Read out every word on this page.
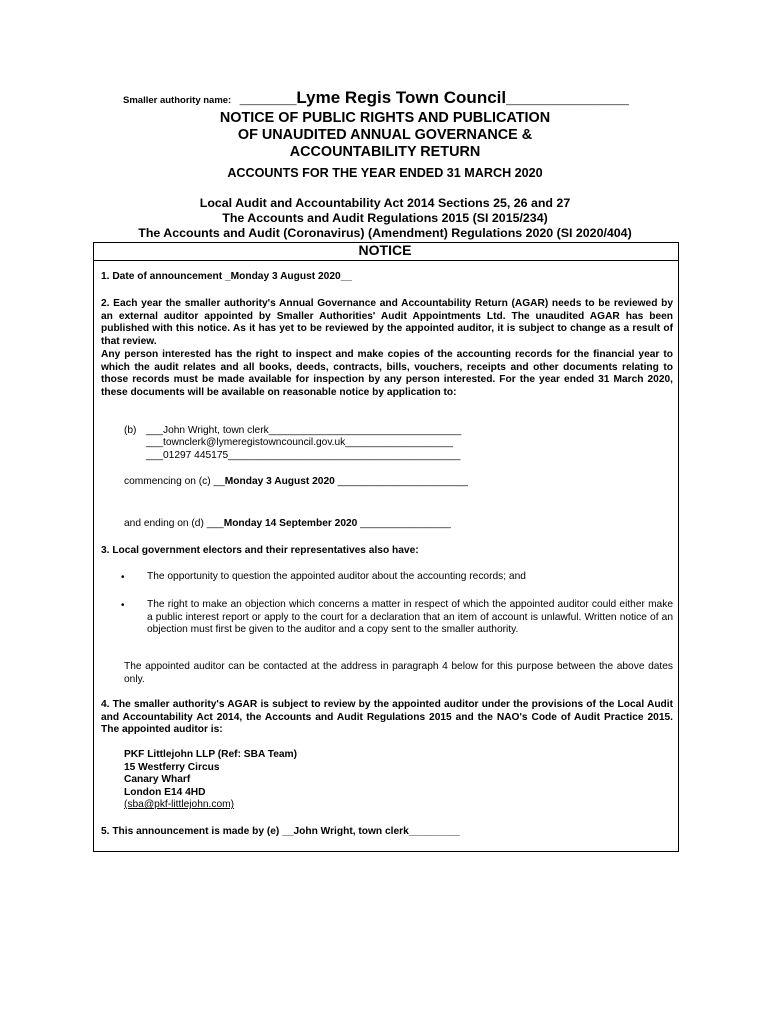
Smaller authority name: ______Lyme Regis Town Council_____________
NOTICE OF PUBLIC RIGHTS AND PUBLICATION
OF UNAUDITED ANNUAL GOVERNANCE &
ACCOUNTABILITY RETURN
ACCOUNTS FOR THE YEAR ENDED 31 MARCH 2020
Local Audit and Accountability Act 2014 Sections 25, 26 and 27
The Accounts and Audit Regulations 2015 (SI 2015/234)
The Accounts and Audit (Coronavirus) (Amendment) Regulations 2020 (SI 2020/404)
NOTICE
1. Date of announcement _Monday 3 August 2020__
2. Each year the smaller authority's Annual Governance and Accountability Return (AGAR) needs to be reviewed by an external auditor appointed by Smaller Authorities' Audit Appointments Ltd. The unaudited AGAR has been published with this notice. As it has yet to be reviewed by the appointed auditor, it is subject to change as a result of that review.
Any person interested has the right to inspect and make copies of the accounting records for the financial year to which the audit relates and all books, deeds, contracts, bills, vouchers, receipts and other documents relating to those records must be made available for inspection by any person interested. For the year ended 31 March 2020, these documents will be available on reasonable notice by application to:
(b) ___John Wright, town clerk__________________________________
___townclerk@lymeregistowncouncil.gov.uk___________________
___01297 445175_________________________________________
commencing on (c) __Monday 3 August 2020 _______________________
and ending on (d) ___Monday 14 September 2020 ________________
3. Local government electors and their representatives also have:
• The opportunity to question the appointed auditor about the accounting records; and
• The right to make an objection which concerns a matter in respect of which the appointed auditor could either make a public interest report or apply to the court for a declaration that an item of account is unlawful. Written notice of an objection must first be given to the auditor and a copy sent to the smaller authority.
The appointed auditor can be contacted at the address in paragraph 4 below for this purpose between the above dates only.
4. The smaller authority's AGAR is subject to review by the appointed auditor under the provisions of the Local Audit and Accountability Act 2014, the Accounts and Audit Regulations 2015 and the NAO's Code of Audit Practice 2015. The appointed auditor is:
PKF Littlejohn LLP (Ref: SBA Team)
15 Westferry Circus
Canary Wharf
London E14 4HD
(sba@pkf-littlejohn.com)
5. This announcement is made by (e) __John Wright, town clerk_________
